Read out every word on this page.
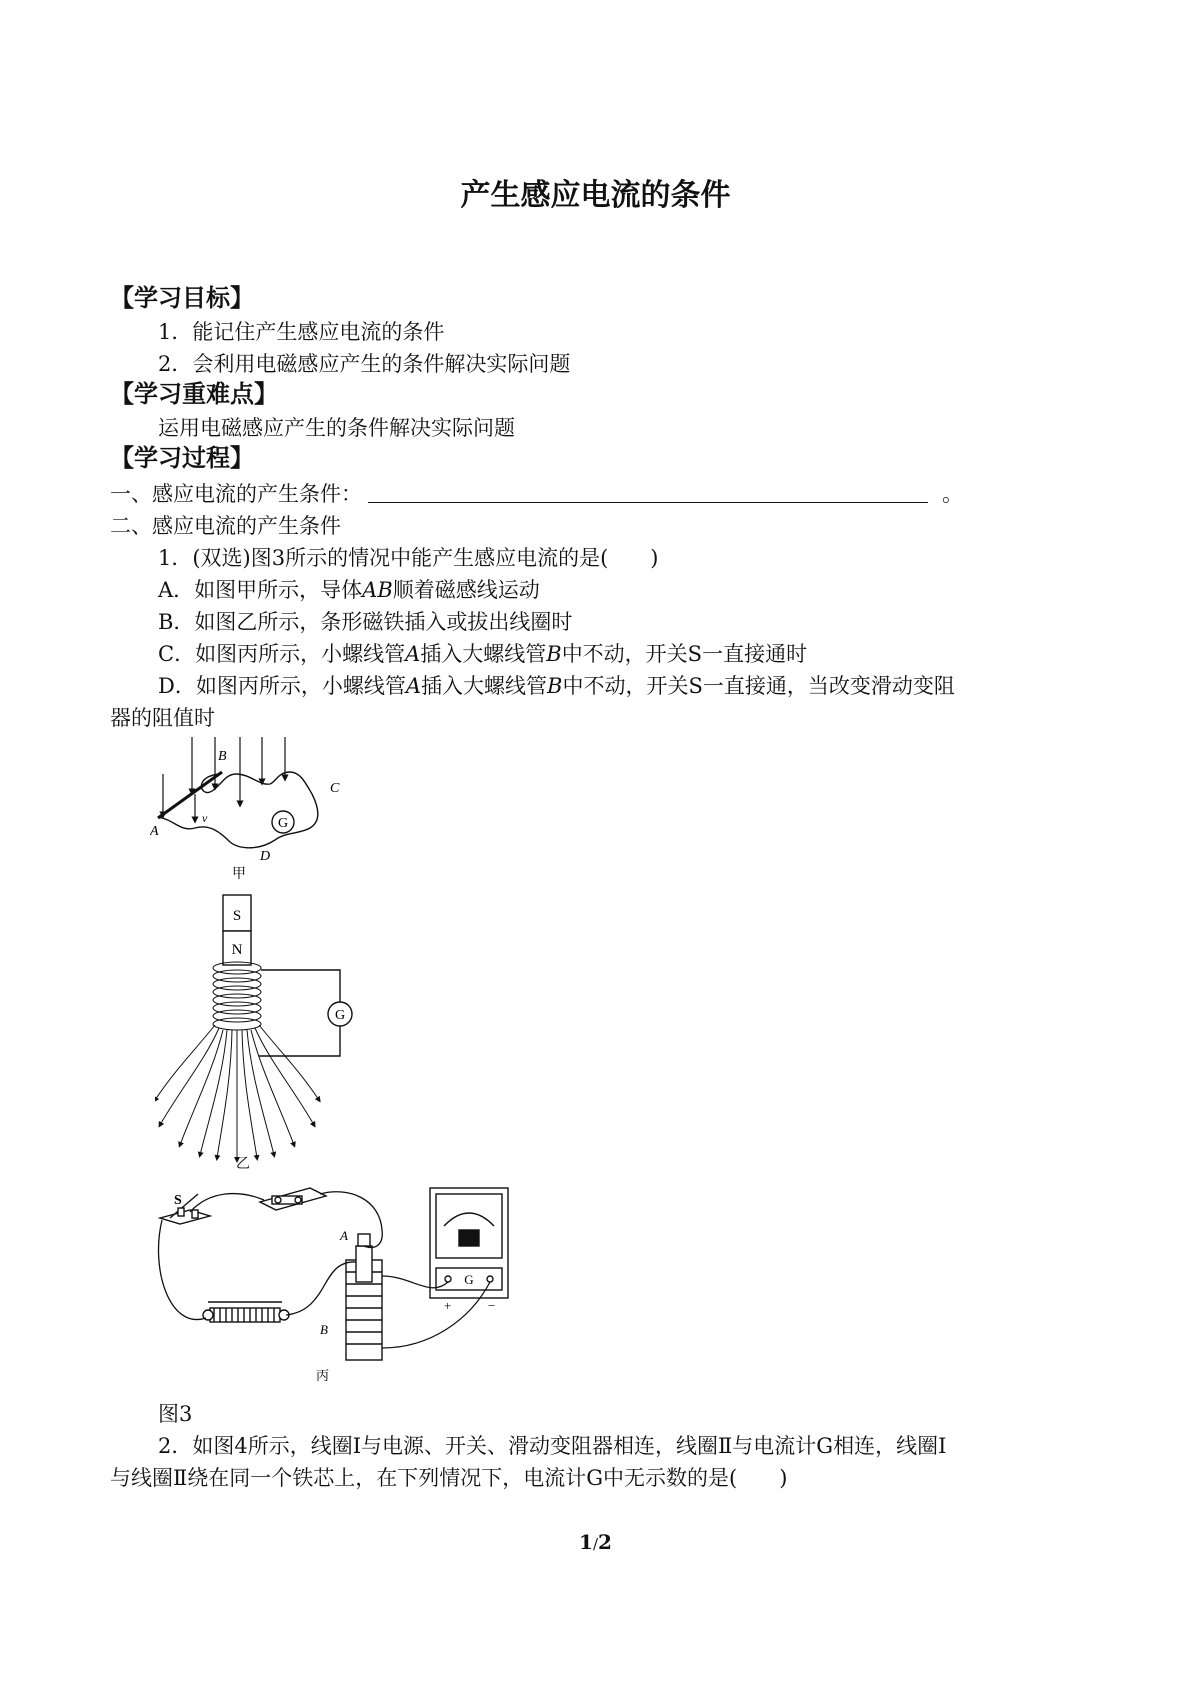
产生感应电流的条件
【学习目标】
1．能记住产生感应电流的条件
2．会利用电磁感应产生的条件解决实际问题
【学习重难点】
运用电磁感应产生的条件解决实际问题
【学习过程】
一、感应电流的产生条件：	。
二、感应电流的产生条件
1．(双选)图3所示的情况中能产生感应电流的是(　　)
A．如图甲所示，导体AB顺着磁感线运动
B．如图乙所示，条形磁铁插入或拔出线圈时
C．如图丙所示，小螺线管A插入大螺线管B中不动，开关S一直接通时
D．如图丙所示，小螺线管A插入大螺线管B中不动，开关S一直接通，当改变滑动变阻
器的阻值时
G
A
B
C
D
v
甲
S
N
G
乙
S
G
+	−
A
B
丙
图3
2．如图4所示，线圈Ⅰ与电源、开关、滑动变阻器相连，线圈Ⅱ与电流计G相连，线圈Ⅰ
与线圈Ⅱ绕在同一个铁芯上，在下列情况下，电流计G中无示数的是(　　)
1/2
